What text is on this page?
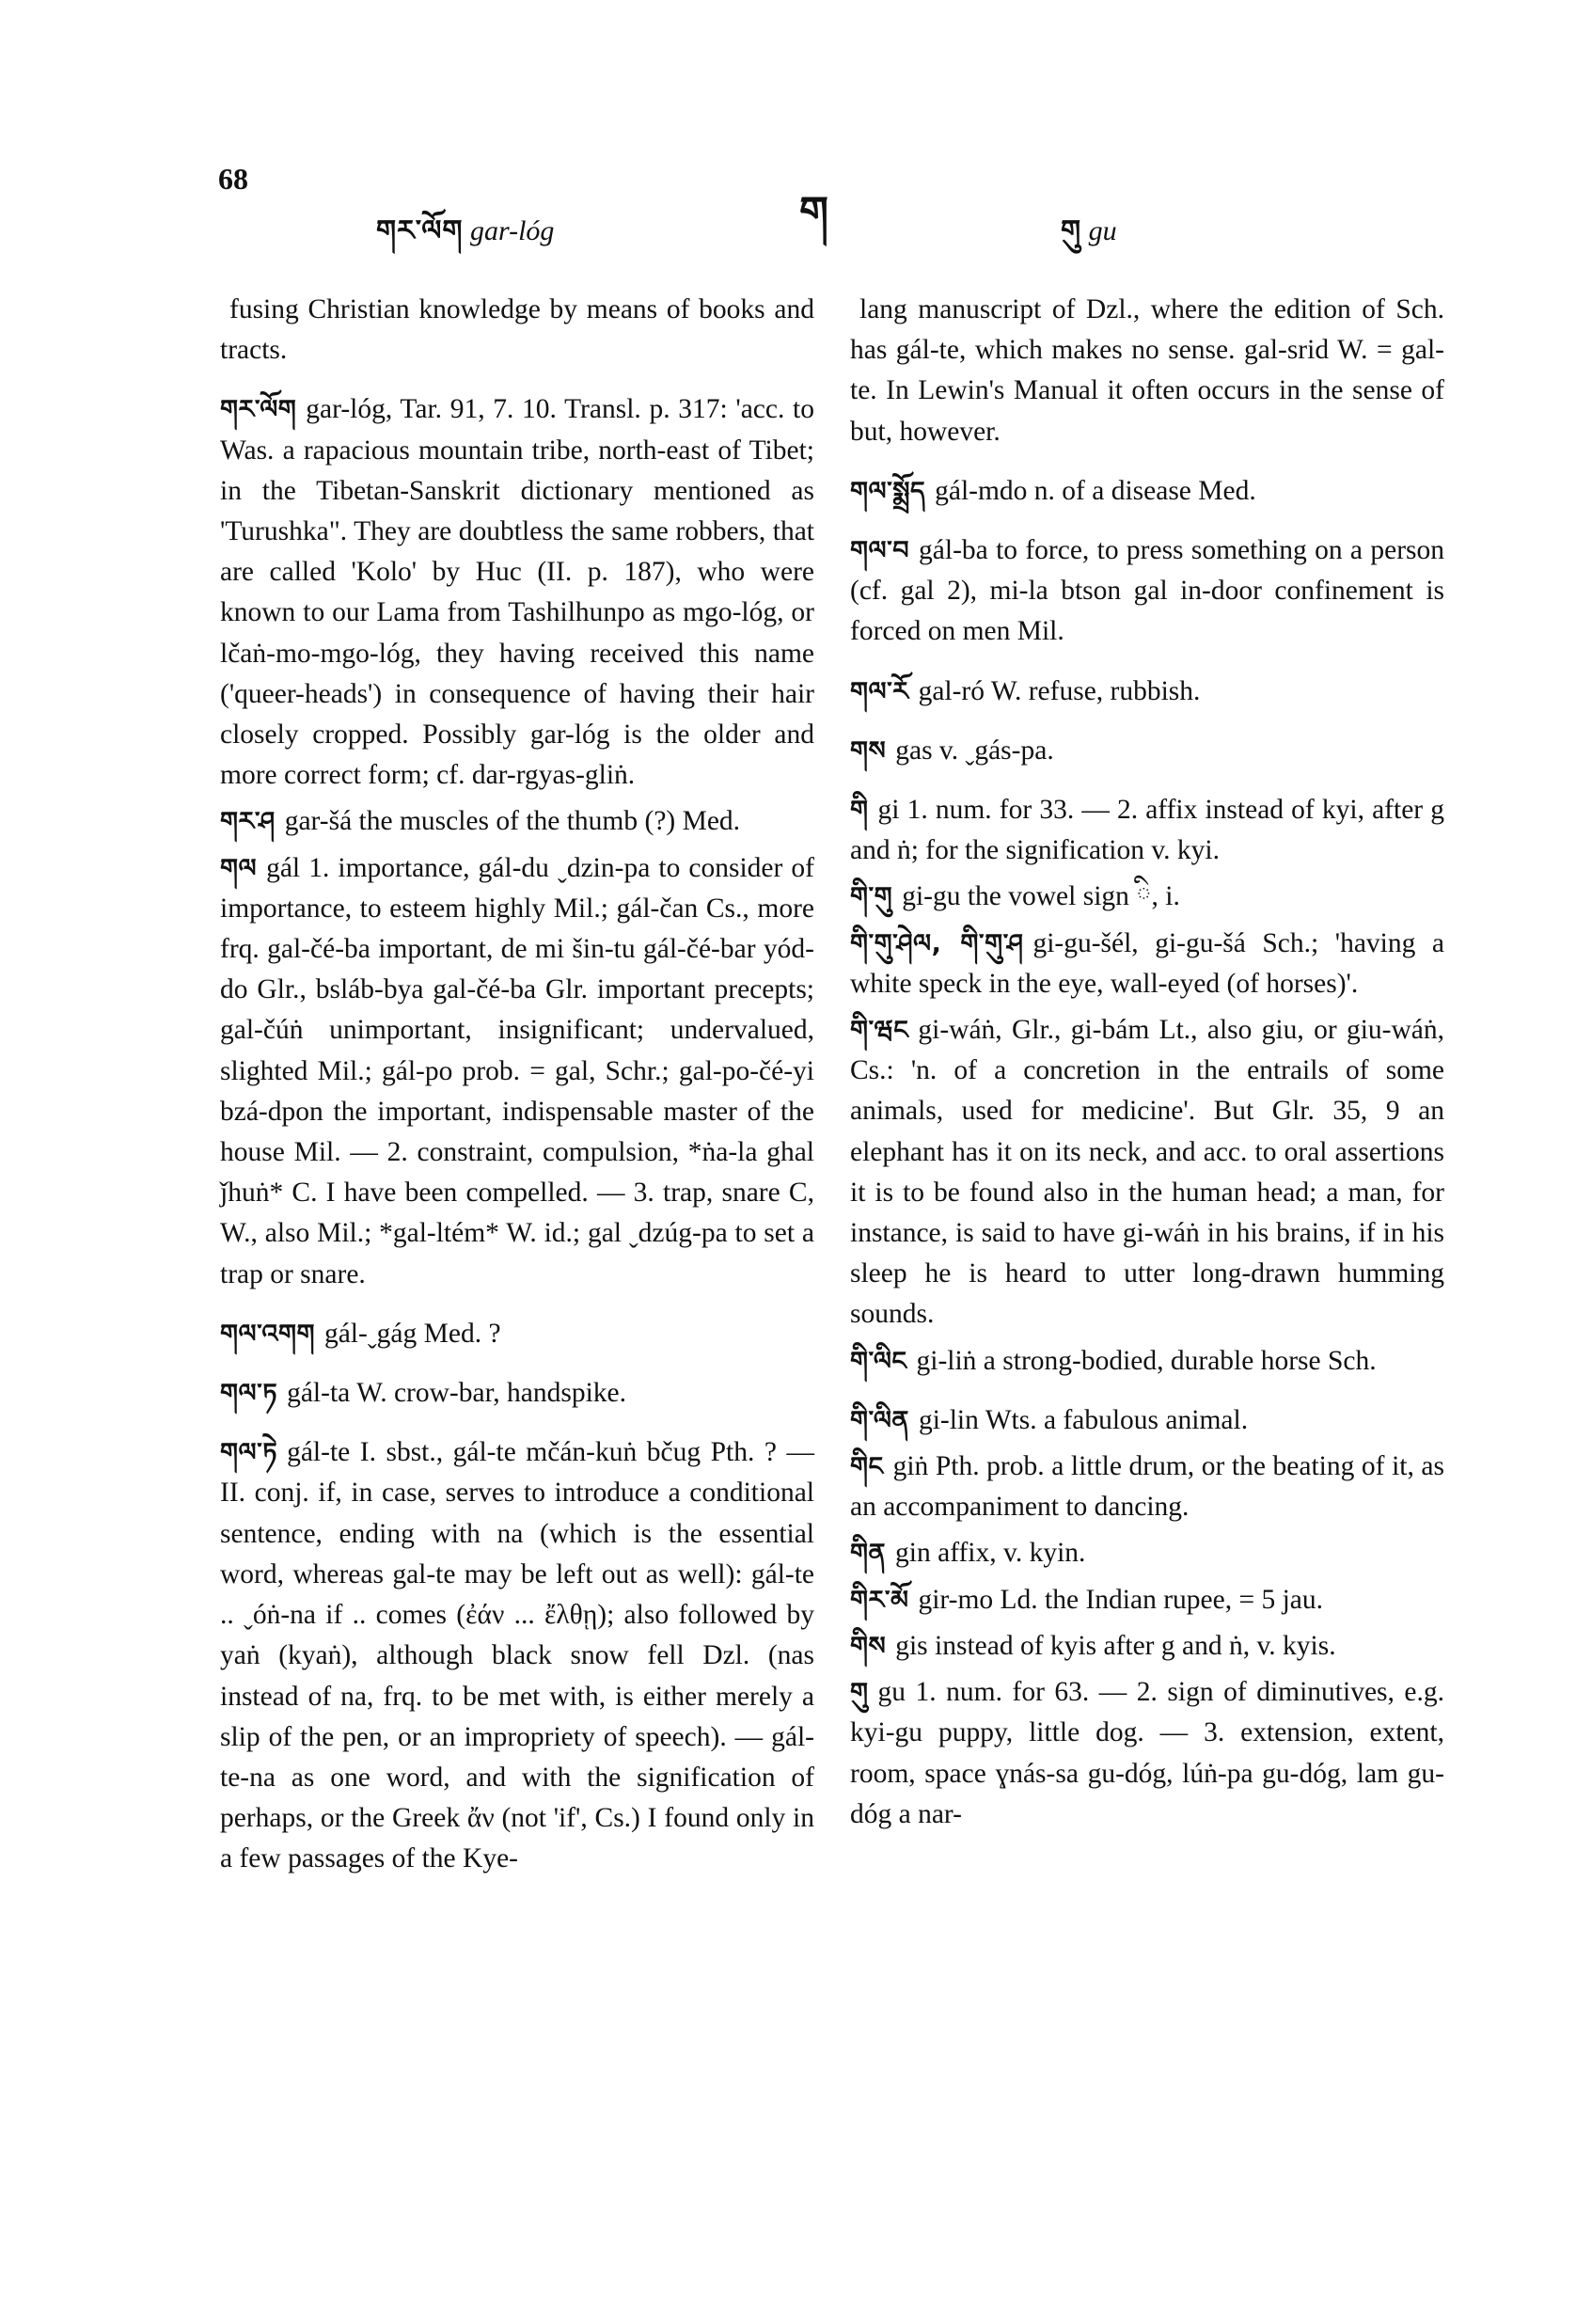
68
གར་ལོག gar-lóg	ག	གུ gu

fusing Christian knowledge by means of books and tracts.

གར་ལོག gar-lóg, Tar. 91, 7. 10. Transl. p. 317: 'acc. to Was. a rapacious mountain tribe, north-east of Tibet; in the Tibetan-Sanskrit dictionary mentioned as 'Turushka". They are doubtless the same robbers, that are called 'Kolo' by Huc (II. p. 187), who were known to our Lama from Tashilhunpo as mgo-lóg, or lčaṅ-mo-mgo-lóg, they having received this name ('queer-heads') in consequence of having their hair closely cropped. Possibly gar-lóg is the older and more correct form; cf. dar-rgyas-gliṅ.

གར་ཤ gar-šá the muscles of the thumb (?) Med.

གལ gál 1. importance, gál-du ˬdzin-pa to consider of importance, to esteem highly Mil.; gál-čan Cs., more frq. gal-čé-ba important, de mi šin-tu gál-čé-bar yód-do Glr., bsláb-bya gal-čé-ba Glr. important precepts; gal-čúṅ unimportant, insignificant; undervalued, slighted Mil.; gál-po prob. = gal, Schr.; gal-po-čé-yi bzá-dpon the important, indispensable master of the house Mil. — 2. constraint, compulsion, *ṅa-la ghal ǰhuṅ* C. I have been compelled. — 3. trap, snare C, W., also Mil.; *gal-ltém* W. id.; gal ˬdzúg-pa to set a trap or snare.

གལ་འགག gál-ˬgág Med. ?

གལ་ཏ gál-ta W. crow-bar, handspike.

གལ་ཏེ gál-te I. sbst., gál-te mčán-kuṅ bčug Pth. ? — II. conj. if, in case, serves to introduce a conditional sentence, ending with na (which is the essential word, whereas gal-te may be left out as well): gál-te .. ˬóṅ-na if .. comes (ἐάν ... ἔλθῃ); also followed by yaṅ (kyaṅ), although black snow fell Dzl. (nas instead of na, frq. to be met with, is either merely a slip of the pen, or an impropriety of speech). — gál-te-na as one word, and with the signification of perhaps, or the Greek ἄν (not 'if', Cs.) I found only in a few passages of the Kye-

lang manuscript of Dzl., where the edition of Sch. has gál-te, which makes no sense. gal-srid W. = gal-te. In Lewin's Manual it often occurs in the sense of but, however.

གལ་སྨྲོད gál-mdo n. of a disease Med.

གལ་བ gál-ba to force, to press something on a person (cf. gal 2), mi-la btson gal in-door confinement is forced on men Mil.

གལ་རོ gal-ró W. refuse, rubbish.

གས gas v. ˬgás-pa.

གི gi 1. num. for 33. — 2. affix instead of kyi, after g and ṅ; for the signification v. kyi.

གི་གུ gi-gu the vowel sign ི, i.

གི་གུ་ཤེལ, གི་གུ་ཤ gi-gu-šél, gi-gu-šá Sch.; 'having a white speck in the eye, wall-eyed (of horses)'.

གི་ཝང gi-wáṅ, Glr., gi-bám Lt., also giu, or giu-wáṅ, Cs.: 'n. of a concretion in the entrails of some animals, used for medicine'. But Glr. 35, 9 an elephant has it on its neck, and acc. to oral assertions it is to be found also in the human head; a man, for instance, is said to have gi-wáṅ in his brains, if in his sleep he is heard to utter long-drawn humming sounds.

གི་ལིང gi-liṅ a strong-bodied, durable horse Sch.

གི་ལིན gi-lin Wts. a fabulous animal.

གིང giṅ Pth. prob. a little drum, or the beating of it, as an accompaniment to dancing.

གིན gin affix, v. kyin.

གིར་མོ gir-mo Ld. the Indian rupee, = 5 jau.

གིས gis instead of kyis after g and ṅ, v. kyis.

གུ gu 1. num. for 63. — 2. sign of diminutives, e.g. kyi-gu puppy, little dog. — 3. extension, extent, room, space ɣnás-sa gu-dóg, lúṅ-pa gu-dóg, lam gu-dóg a nar-
